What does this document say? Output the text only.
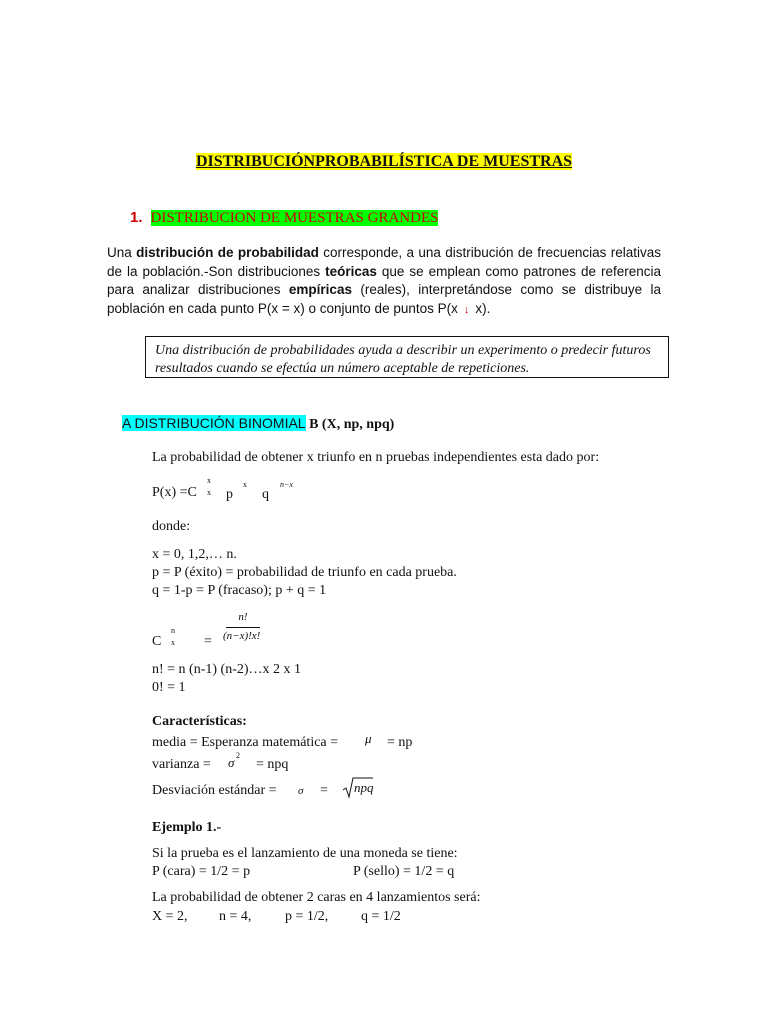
DISTRIBUCIÓNPROBABILÍSTICA DE MUESTRAS
1. DISTRIBUCION DE MUESTRAS GRANDES
Una distribución de probabilidad corresponde, a una distribución de frecuencias relativas
de la población.-Son distribuciones teóricas que se emplean como patrones de referencia
para analizar distribuciones empíricas (reales), interpretándose como se distribuye la
población en cada punto P(x = x) o conjunto de puntos P(x ↓ x).

Una distribución de probabilidades ayuda a describir un experimento o predecir futuros resultados cuando se efectúa un número aceptable de repeticiones.

A DISTRIBUCIÓN BINOMIAL B (X, np, npq)
La probabilidad de obtener x triunfo en n pruebas independientes esta dado por:
P(x) =C
x
x p
x
q
n−x
donde:
x = 0, 1,2,… n.
p = P (éxito) = probabilidad de triunfo en cada prueba.
q = 1-p = P (fracaso); p + q = 1
C
n
x =
n!
(n−x)!x!
n! = n (n-1) (n-2)…x 2 x 1
0! = 1
Características:
media = Esperanza matemática = μ = np
varianza = σ 2
= npq
Desviación estándar = σ = npq
Ejemplo 1.-
Si la prueba es el lanzamiento de una moneda se tiene:
P (cara) = 1/2 = p	P (sello) = 1/2 = q
La probabilidad de obtener 2 caras en 4 lanzamientos será:
X = 2, n = 4, p = 1/2, q = 1/2
